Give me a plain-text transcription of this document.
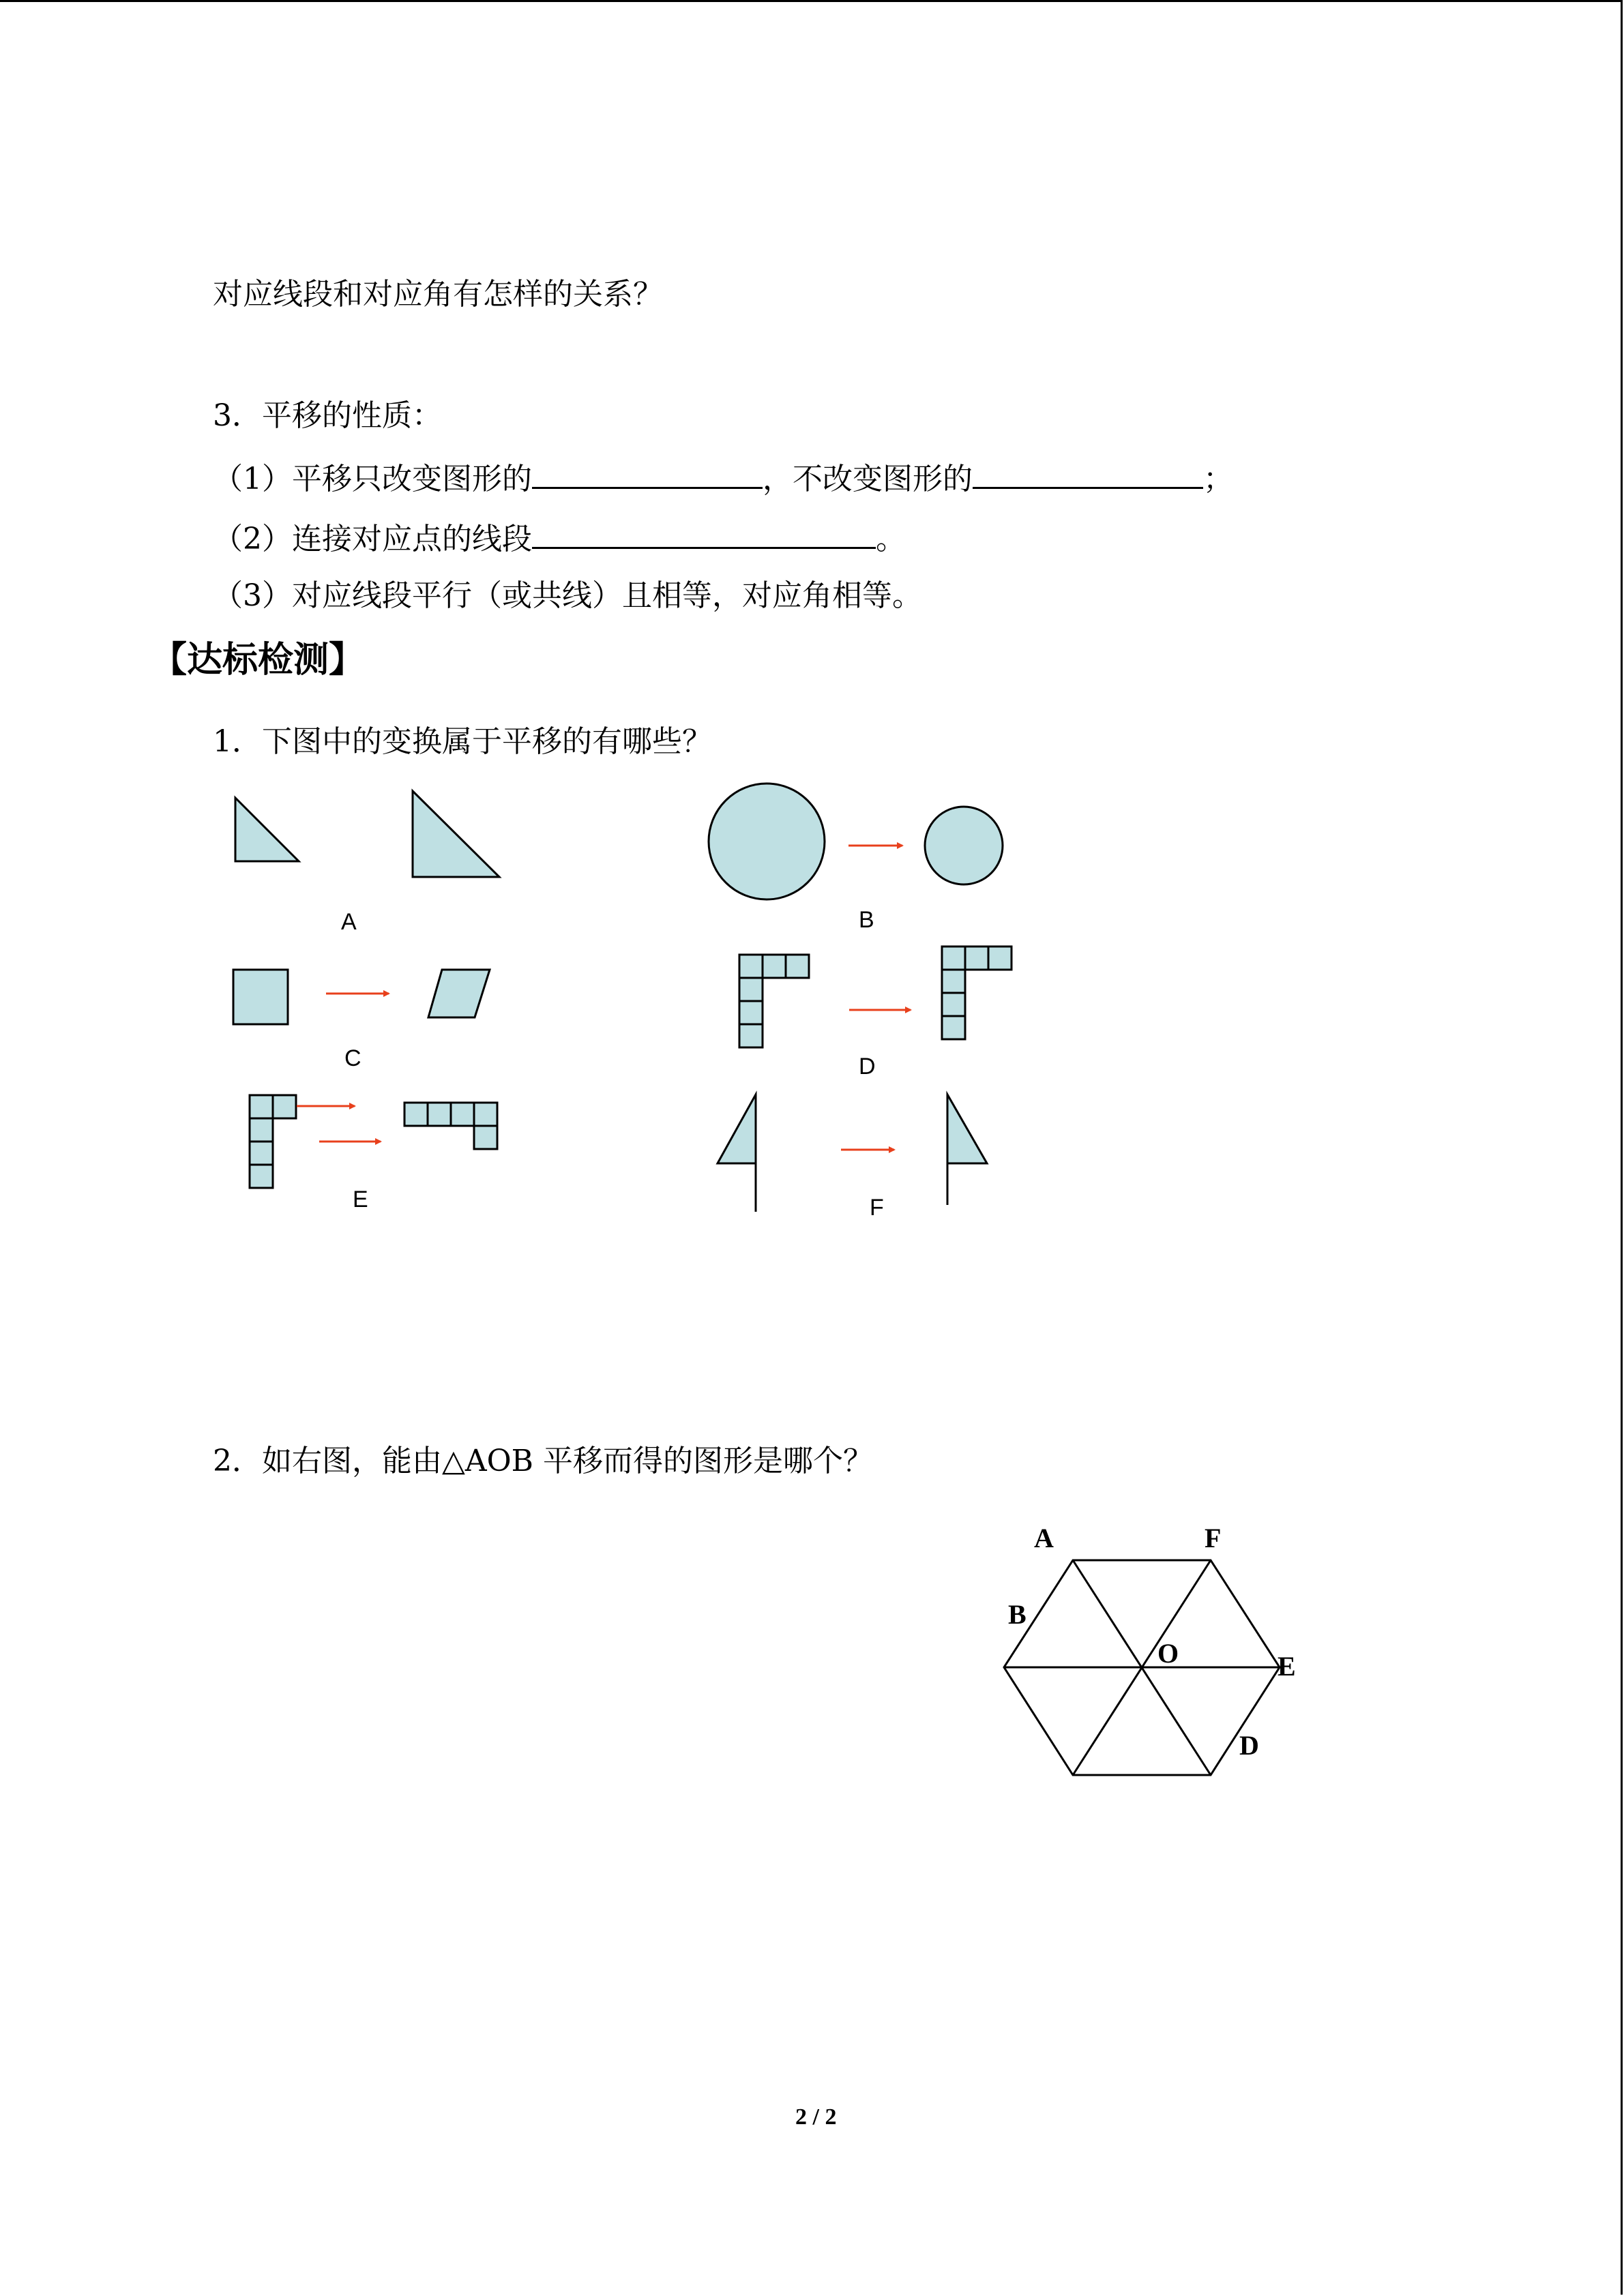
对应线段和对应角有怎样的关系？
3．平移的性质：
（1）平移只改变图形的	，不改变图形的	；
（2）连接对应点的线段	。
（3）对应线段平行（或共线）且相等，对应角相等。
【达标检测】
1．下图中的变换属于平移的有哪些？
A	B
C	D
E	F
2．如右图，能由△AOB 平移而得的图形是哪个？
A	F
B
O	E
D
2 / 2
